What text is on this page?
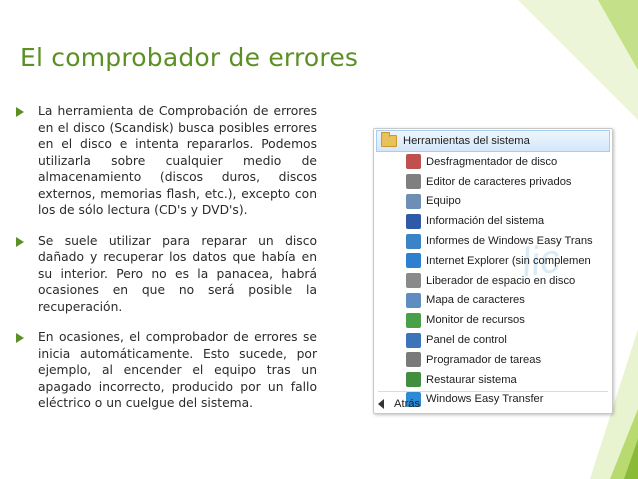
El comprobador de errores

La herramienta de Comprobación de errores en el disco (Scandisk) busca posibles errores en el disco e intenta repararlos. Podemos utilizarla sobre cualquier medio de almacenamiento (discos duros, discos externos, memorias flash, etc.), excepto con los de sólo lectura (CD's y DVD's).

Se suele utilizar para reparar un disco dañado y recuperar los datos que había en su interior. Pero no es la panacea, habrá ocasiones en que no será posible la recuperación.

En ocasiones, el comprobador de errores se inicia automáticamente. Esto sucede, por ejemplo, al encender el equipo tras un apagado incorrecto, producido por un fallo eléctrico o un cuelgue del sistema.

lic
Herramientas del sistema
Desfragmentador de disco
Editor de caracteres privados
Equipo
Información del sistema
Informes de Windows Easy Trans
Internet Explorer (sin complemen
Liberador de espacio en disco
Mapa de caracteres
Monitor de recursos
Panel de control
Programador de tareas
Restaurar sistema
Windows Easy Transfer
Atrás
